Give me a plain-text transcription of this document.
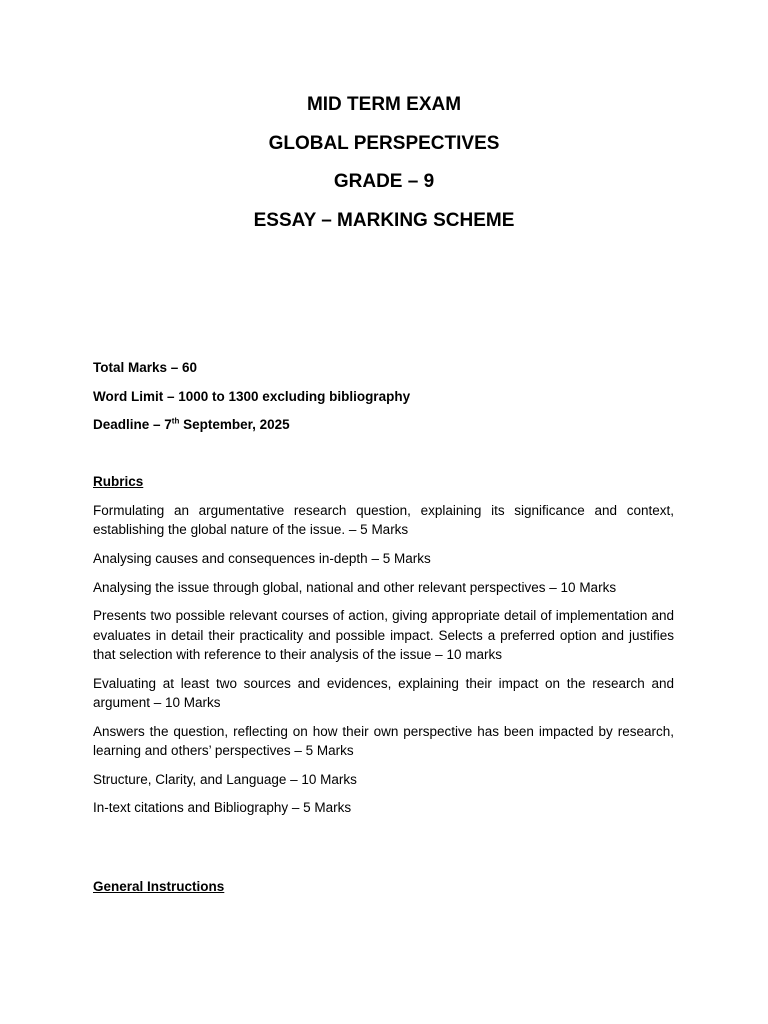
MID TERM EXAM

GLOBAL PERSPECTIVES

GRADE – 9

ESSAY – MARKING SCHEME

Total Marks – 60

Word Limit – 1000 to 1300 excluding bibliography

Deadline – 7th September, 2025

Rubrics

Formulating an argumentative research question, explaining its significance and context, establishing the global nature of the issue. – 5 Marks
Analysing causes and consequences in-depth – 5 Marks
Analysing the issue through global, national and other relevant perspectives – 10 Marks
Presents two possible relevant courses of action, giving appropriate detail of implementation and evaluates in detail their practicality and possible impact. Selects a preferred option and justifies that selection with reference to their analysis of the issue – 10 marks
Evaluating at least two sources and evidences, explaining their impact on the research and argument – 10 Marks
Answers the question, reflecting on how their own perspective has been impacted by research, learning and others’ perspectives – 5 Marks
Structure, Clarity, and Language – 10 Marks
In-text citations and Bibliography – 5 Marks

General Instructions
